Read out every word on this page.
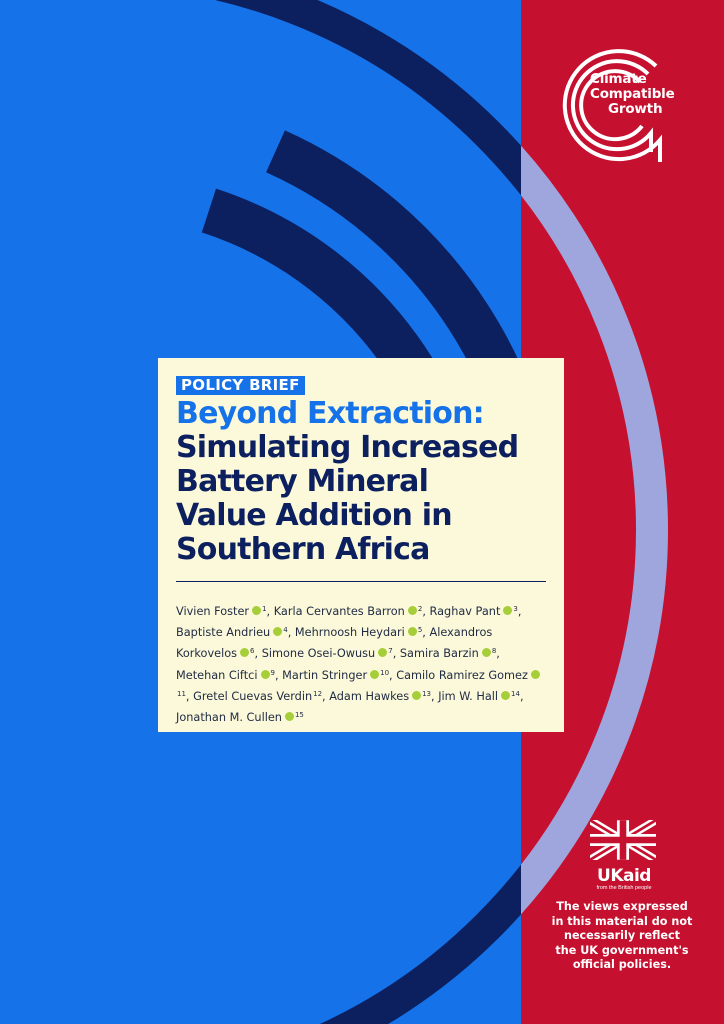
Climate
Compatible
Growth
POLICY BRIEF
Beyond Extraction:
Simulating Increased
Battery Mineral
Value Addition in
Southern Africa
Vivien Foster $^1$, Karla Cervantes Barron $^2$, Raghav Pant $^3$, Baptiste Andrieu $^4$, Mehrnoosh Heydari $^5$, Alexandros Korkovelos $^6$, Simone Osei-Owusu $^7$, Samira Barzin $^8$, Metehan Ciftci $^9$, Martin Stringer $^{10}$, Camilo Ramirez Gomez$^{11}$, Gretel Cuevas Verdin$^{12}$, Adam Hawkes $^{13}$, Jim W. Hall $^{14}$, Jonathan M. Cullen $^{15}$
UKaid
from the British people
The views expressed
in this material do not
necessarily reflect
the UK government's
official policies.
